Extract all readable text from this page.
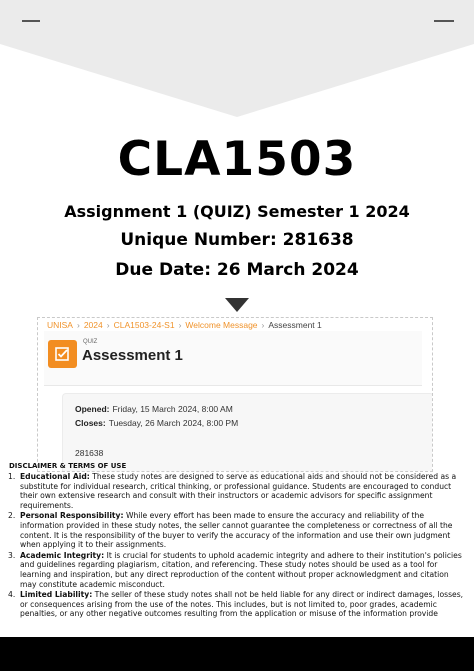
CLA1503
Assignment 1 (QUIZ) Semester 1 2024
Unique Number: 281638
Due Date: 26 March 2024
UNISA › 2024 › CLA1503-24-S1 › Welcome Message › Assessment 1
QUIZ
Assessment 1
Opened: Friday, 15 March 2024, 8:00 AM
Closes: Tuesday, 26 March 2024, 8:00 PM
281638
DISCLAIMER & TERMS OF USE
1. Educational Aid: These study notes are designed to serve as educational aids and should not be considered as a substitute for individual research, critical thinking, or professional guidance. Students are encouraged to conduct their own extensive research and consult with their instructors or academic advisors for specific assignment requirements.
2. Personal Responsibility: While every effort has been made to ensure the accuracy and reliability of the information provided in these study notes, the seller cannot guarantee the completeness or correctness of all the content. It is the responsibility of the buyer to verify the accuracy of the information and use their own judgment when applying it to their assignments.
3. Academic Integrity: It is crucial for students to uphold academic integrity and adhere to their institution's policies and guidelines regarding plagiarism, citation, and referencing. These study notes should be used as a tool for learning and inspiration, but any direct reproduction of the content without proper acknowledgment and citation may constitute academic misconduct.
4. Limited Liability: The seller of these study notes shall not be held liable for any direct or indirect damages, losses, or consequences arising from the use of the notes. This includes, but is not limited to, poor grades, academic penalties, or any other negative outcomes resulting from the application or misuse of the information provide
